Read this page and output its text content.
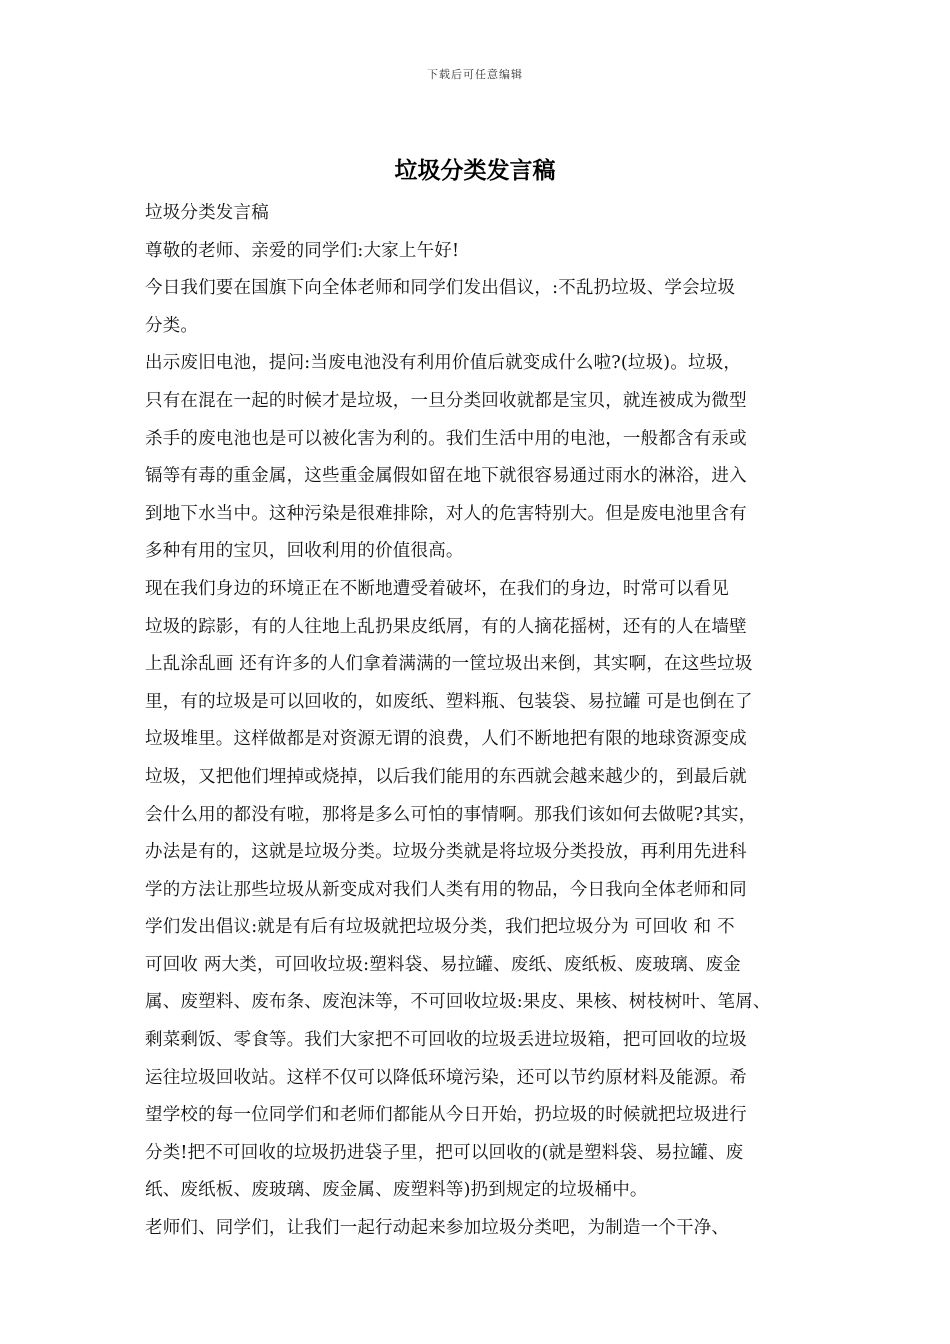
下载后可任意编辑
垃圾分类发言稿
垃圾分类发言稿
尊敬的老师、亲爱的同学们:大家上午好!
今日我们要在国旗下向全体老师和同学们发出倡议，:不乱扔垃圾、学会垃圾
分类。
出示废旧电池，提问:当废电池没有利用价值后就变成什么啦?(垃圾)。垃圾，
只有在混在一起的时候才是垃圾，一旦分类回收就都是宝贝，就连被成为微型
杀手的废电池也是可以被化害为利的。我们生活中用的电池，一般都含有汞或
镉等有毒的重金属，这些重金属假如留在地下就很容易通过雨水的淋浴，进入
到地下水当中。这种污染是很难排除，对人的危害特别大。但是废电池里含有
多种有用的宝贝，回收利用的价值很高。
现在我们身边的环境正在不断地遭受着破坏，在我们的身边，时常可以看见
垃圾的踪影，有的人往地上乱扔果皮纸屑，有的人摘花摇树，还有的人在墙壁
上乱涂乱画 还有许多的人们拿着满满的一筐垃圾出来倒，其实啊，在这些垃圾
里，有的垃圾是可以回收的，如废纸、塑料瓶、包装袋、易拉罐 可是也倒在了
垃圾堆里。这样做都是对资源无谓的浪费，人们不断地把有限的地球资源变成
垃圾，又把他们埋掉或烧掉，以后我们能用的东西就会越来越少的，到最后就
会什么用的都没有啦，那将是多么可怕的事情啊。那我们该如何去做呢?其实，
办法是有的，这就是垃圾分类。垃圾分类就是将垃圾分类投放，再利用先进科
学的方法让那些垃圾从新变成对我们人类有用的物品，今日我向全体老师和同
学们发出倡议:就是有后有垃圾就把垃圾分类，我们把垃圾分为 可回收 和 不
可回收 两大类，可回收垃圾:塑料袋、易拉罐、废纸、废纸板、废玻璃、废金
属、废塑料、废布条、废泡沫等，不可回收垃圾:果皮、果核、树枝树叶、笔屑、
剩菜剩饭、零食等。我们大家把不可回收的垃圾丢进垃圾箱，把可回收的垃圾
运往垃圾回收站。这样不仅可以降低环境污染，还可以节约原材料及能源。希
望学校的每一位同学们和老师们都能从今日开始，扔垃圾的时候就把垃圾进行
分类!把不可回收的垃圾扔进袋子里，把可以回收的(就是塑料袋、易拉罐、废
纸、废纸板、废玻璃、废金属、废塑料等)扔到规定的垃圾桶中。
老师们、同学们，让我们一起行动起来参加垃圾分类吧，为制造一个干净、
